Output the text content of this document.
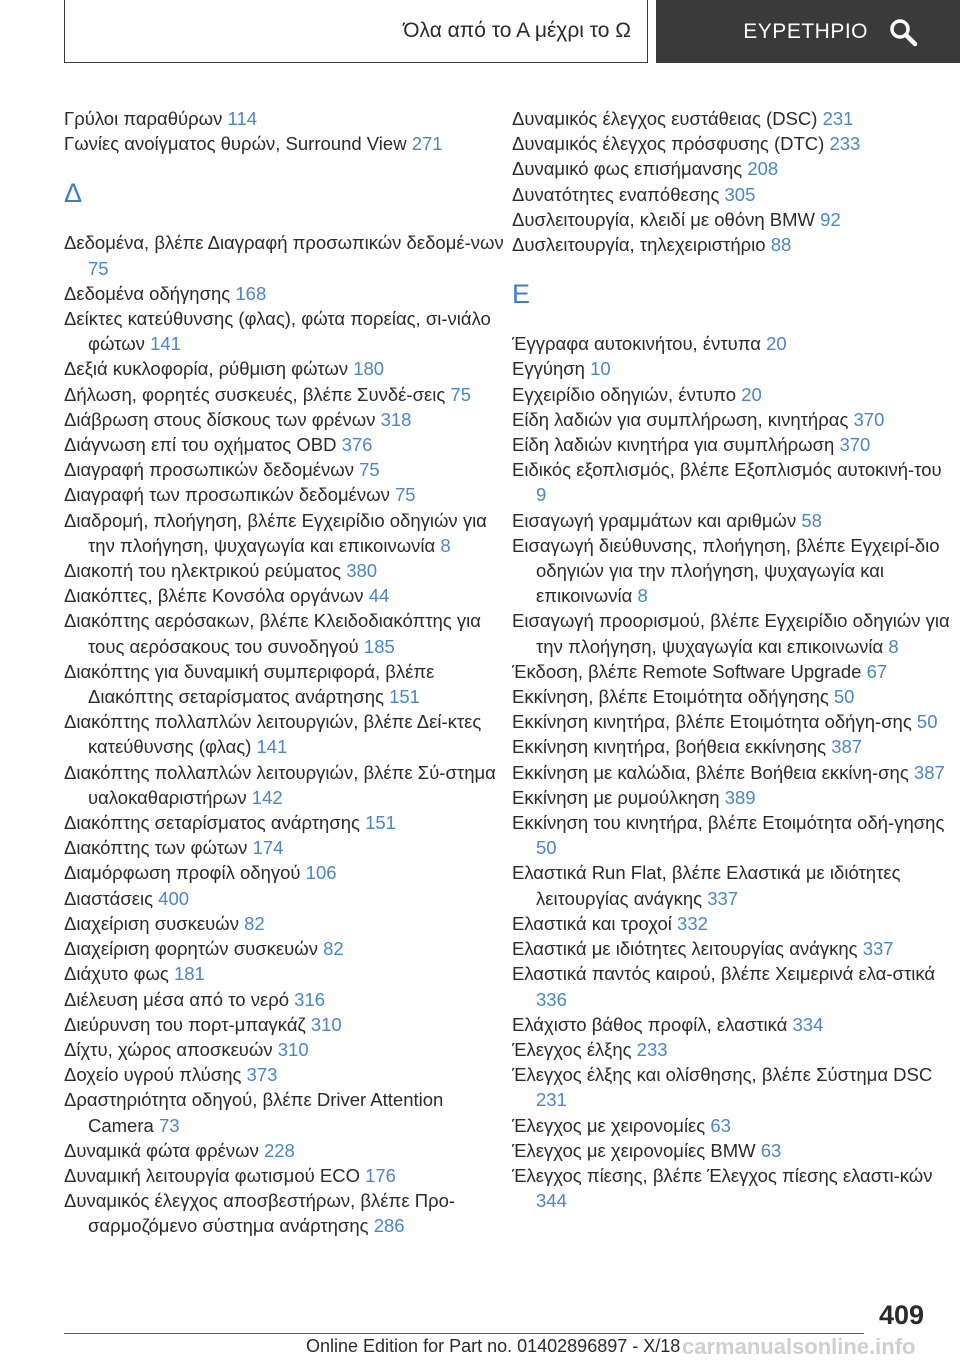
Όλα από το Α μέχρι το Ω	ΕΥΡΕΤΗΡΙΟ
Γρύλοι παραθύρων 114
Γωνίες ανοίγματος θυρών, Surround View 271
Δ
Δεδομένα, βλέπε Διαγραφή προσωπικών δεδομέ-νων 75
Δεδομένα οδήγησης 168
Δείκτες κατεύθυνσης (φλας), φώτα πορείας, σι-νιάλο φώτων 141
Δεξιά κυκλοφορία, ρύθμιση φώτων 180
Δήλωση, φορητές συσκευές, βλέπε Συνδέ-σεις 75
Διάβρωση στους δίσκους των φρένων 318
Διάγνωση επί του οχήματος OBD 376
Διαγραφή προσωπικών δεδομένων 75
Διαγραφή των προσωπικών δεδομένων 75
Διαδρομή, πλοήγηση, βλέπε Εγχειρίδιο οδηγιών για την πλοήγηση, ψυχαγωγία και επικοινωνία 8
Διακοπή του ηλεκτρικού ρεύματος 380
Διακόπτες, βλέπε Κονσόλα οργάνων 44
Διακόπτης αερόσακων, βλέπε Κλειδοδιακόπτης για τους αερόσακους του συνοδηγού 185
Διακόπτης για δυναμική συμπεριφορά, βλέπε Διακόπτης σεταρίσματος ανάρτησης 151
Διακόπτης πολλαπλών λειτουργιών, βλέπε Δεί-κτες κατεύθυνσης (φλας) 141
Διακόπτης πολλαπλών λειτουργιών, βλέπε Σύ-στημα υαλοκαθαριστήρων 142
Διακόπτης σεταρίσματος ανάρτησης 151
Διακόπτης των φώτων 174
Διαμόρφωση προφίλ οδηγού 106
Διαστάσεις 400
Διαχείριση συσκευών 82
Διαχείριση φορητών συσκευών 82
Διάχυτο φως 181
Διέλευση μέσα από το νερό 316
Διεύρυνση του πορτ-μπαγκάζ 310
Δίχτυ, χώρος αποσκευών 310
Δοχείο υγρού πλύσης 373
Δραστηριότητα οδηγού, βλέπε Driver Attention Camera 73
Δυναμικά φώτα φρένων 228
Δυναμική λειτουργία φωτισμού ECO 176
Δυναμικός έλεγχος αποσβεστήρων, βλέπε Προ-σαρμοζόμενο σύστημα ανάρτησης 286
Δυναμικός έλεγχος ευστάθειας (DSC) 231
Δυναμικός έλεγχος πρόσφυσης (DTC) 233
Δυναμικό φως επισήμανσης 208
Δυνατότητες εναπόθεσης 305
Δυσλειτουργία, κλειδί με οθόνη BMW 92
Δυσλειτουργία, τηλεχειριστήριο 88
Ε
Έγγραφα αυτοκινήτου, έντυπα 20
Εγγύηση 10
Εγχειρίδιο οδηγιών, έντυπο 20
Είδη λαδιών για συμπλήρωση, κινητήρας 370
Είδη λαδιών κινητήρα για συμπλήρωση 370
Ειδικός εξοπλισμός, βλέπε Εξοπλισμός αυτοκινή-του 9
Εισαγωγή γραμμάτων και αριθμών 58
Εισαγωγή διεύθυνσης, πλοήγηση, βλέπε Εγχειρί-διο οδηγιών για την πλοήγηση, ψυχαγωγία και επικοινωνία 8
Εισαγωγή προορισμού, βλέπε Εγχειρίδιο οδηγιών για την πλοήγηση, ψυχαγωγία και επικοινωνία 8
Έκδοση, βλέπε Remote Software Upgrade 67
Εκκίνηση, βλέπε Ετοιμότητα οδήγησης 50
Εκκίνηση κινητήρα, βλέπε Ετοιμότητα οδήγη-σης 50
Εκκίνηση κινητήρα, βοήθεια εκκίνησης 387
Εκκίνηση με καλώδια, βλέπε Βοήθεια εκκίνη-σης 387
Εκκίνηση με ρυμούλκηση 389
Εκκίνηση του κινητήρα, βλέπε Ετοιμότητα οδή-γησης 50
Ελαστικά Run Flat, βλέπε Ελαστικά με ιδιότητες λειτουργίας ανάγκης 337
Ελαστικά και τροχοί 332
Ελαστικά με ιδιότητες λειτουργίας ανάγκης 337
Ελαστικά παντός καιρού, βλέπε Χειμερινά ελα-στικά 336
Ελάχιστο βάθος προφίλ, ελαστικά 334
Έλεγχος έλξης 233
Έλεγχος έλξης και ολίσθησης, βλέπε Σύστημα DSC 231
Έλεγχος με χειρονομίες 63
Έλεγχος με χειρονομίες BMW 63
Έλεγχος πίεσης, βλέπε Έλεγχος πίεσης ελαστι-κών 344
409
Online Edition for Part no. 01402896897 - X/18 carmanualsonline.info
